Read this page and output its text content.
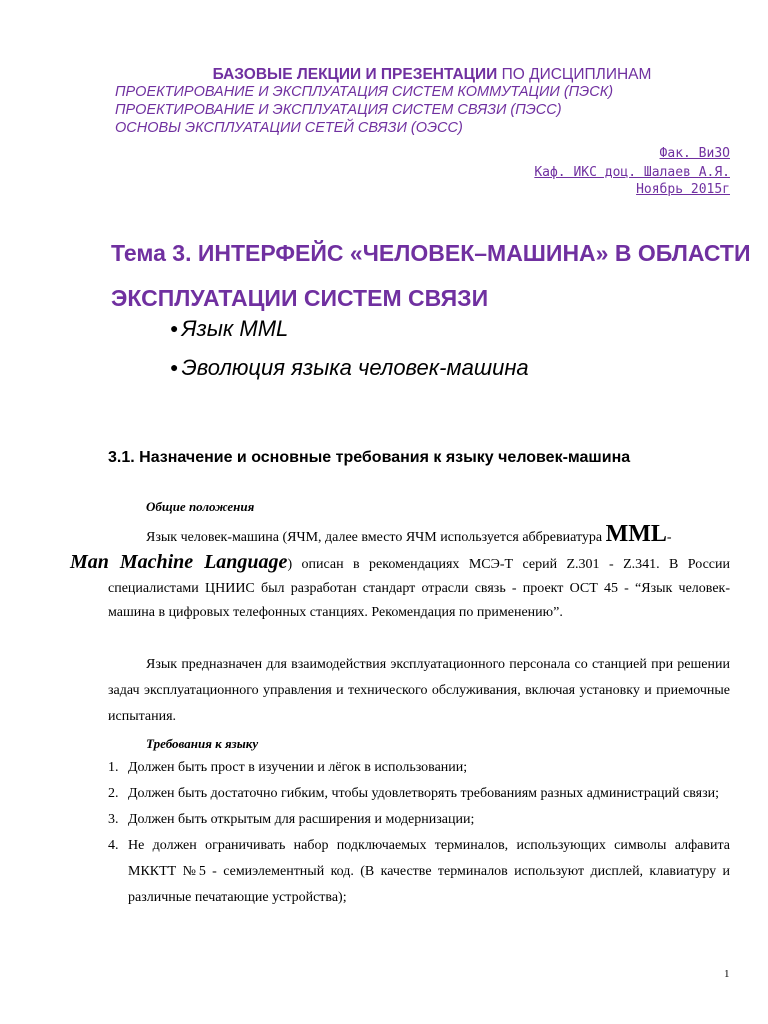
БАЗОВЫЕ ЛЕКЦИИ И ПРЕЗЕНТАЦИИ ПО ДИСЦИПЛИНАМ
ПРОЕКТИРОВАНИЕ И ЭКСПЛУАТАЦИЯ СИСТЕМ КОММУТАЦИИ (ПЭСК)
ПРОЕКТИРОВАНИЕ И ЭКСПЛУАТАЦИЯ СИСТЕМ СВЯЗИ (ПЭСС)
ОСНОВЫ ЭКСПЛУАТАЦИИ СЕТЕЙ СВЯЗИ (ОЭСС)
Фак. ВиЗО
Каф. ИКС доц. Шалаев А.Я.
Ноябрь 2015г
Тема 3. ИНТЕРФЕЙС «ЧЕЛОВЕК–МАШИНА» В ОБЛАСТИ ЭКСПЛУАТАЦИИ СИСТЕМ СВЯЗИ
● Язык MML
● Эволюция языка человек-машина
3.1. Назначение и основные требования к языку человек-машина
Общие положения
Язык человек-машина (ЯЧМ, далее вместо ЯЧМ используется аббревиатура MML-
Man Machine Language) описан в рекомендациях МСЭ-Т серий Z.301 - Z.341. В России специалистами ЦНИИС был разработан стандарт отрасли связь - проект ОСТ 45 - “Язык человек-машина в цифровых телефонных станциях. Рекомендация по применению”.
Язык предназначен для взаимодействия эксплуатационного персонала со станцией при решении задач эксплуатационного управления и технического обслуживания, включая установку и приемочные испытания.
Требования к языку
1. Должен быть прост в изучении и лёгок в использовании;
2. Должен быть достаточно гибким, чтобы удовлетворять требованиям разных администраций связи;
3. Должен быть открытым для расширения и модернизации;
4. Не должен ограничивать набор подключаемых терминалов, использующих символы алфавита МККТТ №5 - семиэлементный код. (В качестве терминалов используют дисплей, клавиатуру и различные печатающие устройства);
1
